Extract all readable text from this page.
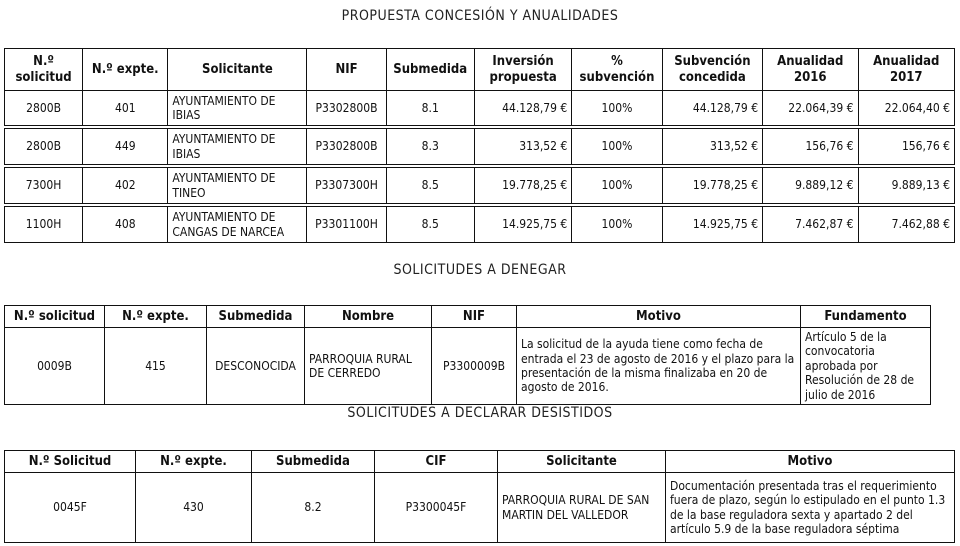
PROPUESTA CONCESIÓN Y ANUALIDADES
N.º solicitud	N.º expte.	Solicitante	NIF	Submedida	Inversión propuesta	% subvención	Subvención concedida	Anualidad 2016	Anualidad 2017
2800B	401	AYUNTAMIENTO DE IBIAS	P3302800B	8.1	44.128,79 €	100%	44.128,79 €	22.064,39 €	22.064,40 €

2800B	449	AYUNTAMIENTO DE IBIAS	P3302800B	8.3	313,52 €	100%	313,52 €	156,76 €	156,76 €

7300H	402	AYUNTAMIENTO DE TINEO	P3307300H	8.5	19.778,25 €	100%	19.778,25 €	9.889,12 €	9.889,13 €

1100H	408	AYUNTAMIENTO DE CANGAS DE NARCEA	P3301100H	8.5	14.925,75 €	100%	14.925,75 €	7.462,87 €	7.462,88 €
SOLICITUDES A DENEGAR
N.º solicitud	N.º expte.	Submedida	Nombre	NIF	Motivo	Fundamento
0009B	415	DESCONOCIDA	PARROQUIA RURAL DE CERREDO	P3300009B	La solicitud de la ayuda tiene como fecha de entrada el 23 de agosto de 2016 y el plazo para la presentación de la misma finalizaba en 20 de agosto de 2016.	Artículo 5 de la convocatoria aprobada por Resolución de 28 de julio de 2016
SOLICITUDES A DECLARAR DESISTIDOS
N.º Solicitud	N.º expte.	Submedida	CIF	Solicitante	Motivo
0045F	430	8.2	P3300045F	PARROQUIA RURAL DE SAN MARTIN DEL VALLEDOR	Documentación presentada tras el requerimiento fuera de plazo, según lo estipulado en el punto 1.3 de la base reguladora sexta y apartado 2 del artículo 5.9 de la base reguladora séptima
